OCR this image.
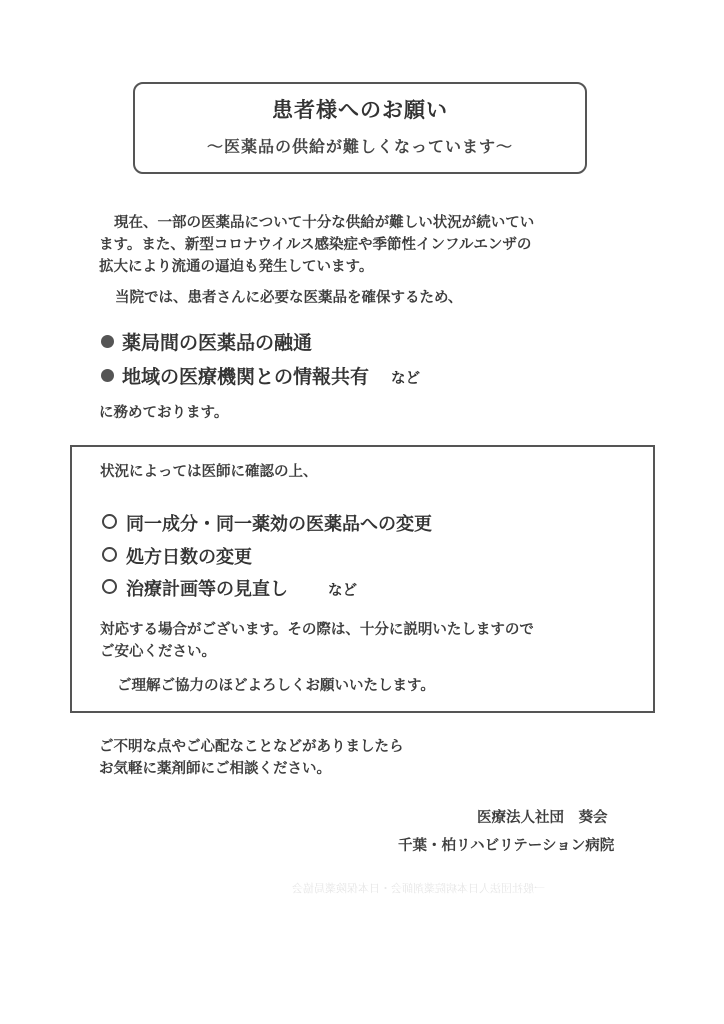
患者様へのお願い
～医薬品の供給が難しくなっています～
現在、一部の医薬品について十分な供給が難しい状況が続いてい
ます。また、新型コロナウイルス感染症や季節性インフルエンザの
拡大により流通の逼迫も発生しています。
当院では、患者さんに必要な医薬品を確保するため、
薬局間の医薬品の融通
地域の医療機関との情報共有 など
に務めております。
状況によっては医師に確認の上、
同一成分・同一薬効の医薬品への変更
処方日数の変更
治療計画等の見直し	など
対応する場合がございます。その際は、十分に説明いたしますので
ご安心ください。
ご理解ご協力のほどよろしくお願いいたします。
ご不明な点やご心配なことなどがありましたら
お気軽に薬剤師にご相談ください。
医療法人社団　葵会
千葉・柏リハビリテーション病院
一般社団法人日本病院薬剤師会・日本保険薬局協会
